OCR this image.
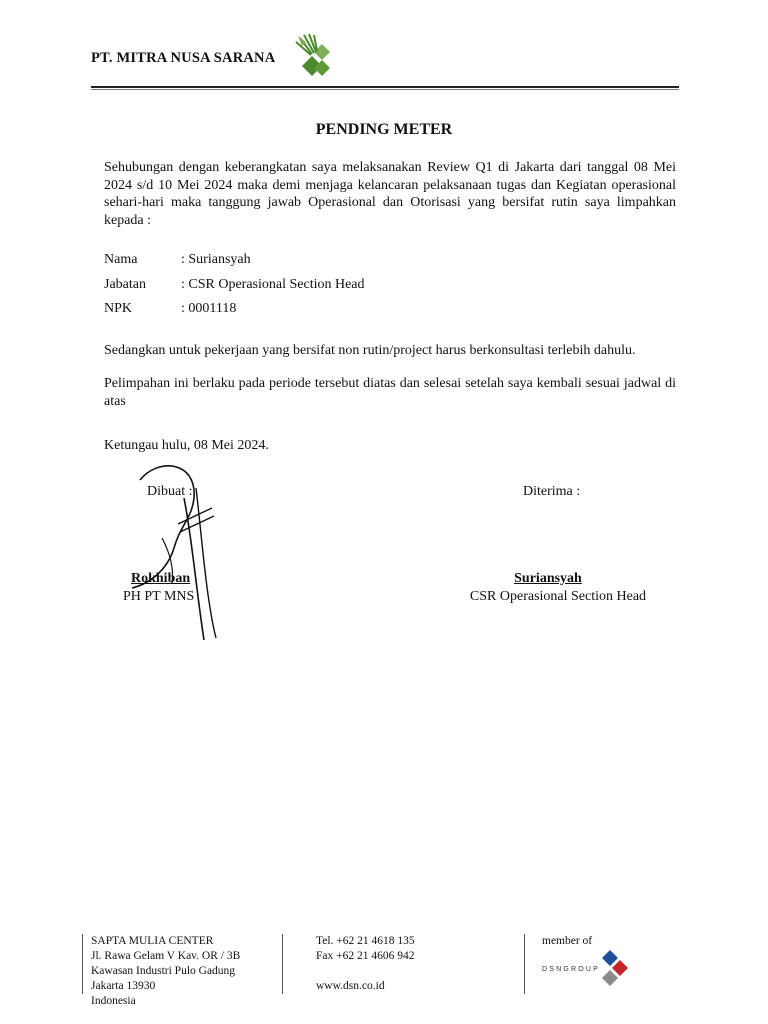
PT. MITRA NUSA SARANA
PENDING METER
Sehubungan dengan keberangkatan saya melaksanakan Review Q1 di Jakarta dari tanggal 08 Mei 2024 s/d 10 Mei 2024 maka demi menjaga kelancaran pelaksanaan tugas dan Kegiatan operasional sehari-hari maka tanggung jawab Operasional dan Otorisasi yang bersifat rutin saya limpahkan kepada :
Nama	: Suriansyah
Jabatan	: CSR Operasional Section Head
NPK	: 0001118
Sedangkan untuk pekerjaan yang bersifat non rutin/project harus berkonsultasi terlebih dahulu.
Pelimpahan ini berlaku pada periode tersebut diatas dan selesai setelah saya kembali sesuai jadwal di atas
Ketungau hulu, 08 Mei 2024.
Dibuat :	Diterima :
Rokhiban
PH PT MNS
Suriansyah
CSR Operasional Section Head
SAPTA MULIA CENTER
Jl. Rawa Gelam V Kav. OR / 3B
Kawasan Industri Pulo Gadung
Jakarta 13930
Indonesia
Tel. +62 21 4618 135
Fax +62 21 4606 942
www.dsn.co.id
member of
DSNGROUP
